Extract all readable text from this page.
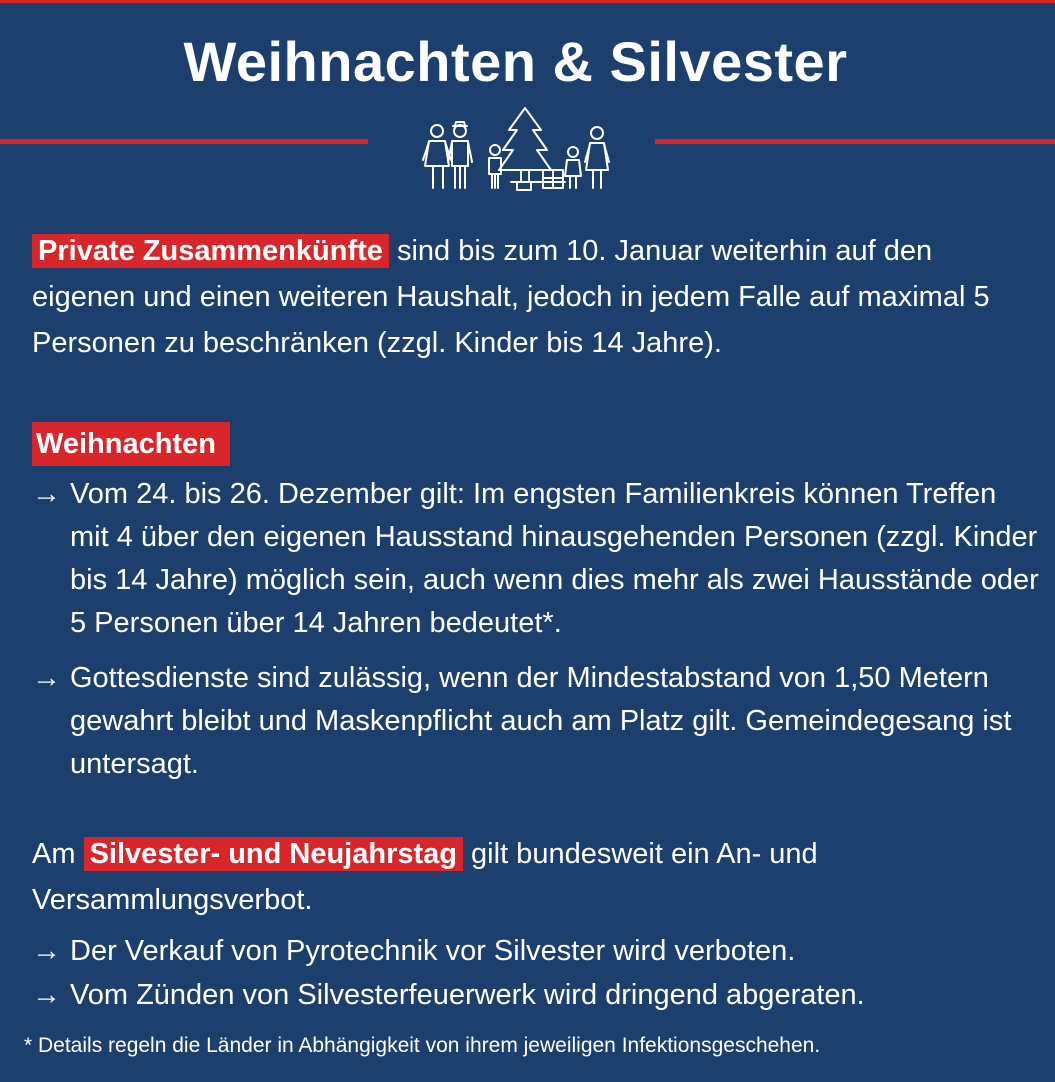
Weihnachten & Silvester

Private Zusammenkünfte sind bis zum 10. Januar weiterhin auf den eigenen und einen weiteren Haushalt, jedoch in jedem Falle auf maximal 5 Personen zu beschränken (zzgl. Kinder bis 14 Jahre).

Weihnachten

→ Vom 24. bis 26. Dezember gilt: Im engsten Familienkreis können Treffen mit 4 über den eigenen Hausstand hinausgehenden Personen (zzgl. Kinder bis 14 Jahre) möglich sein, auch wenn dies mehr als zwei Hausstände oder 5 Personen über 14 Jahren bedeutet*.

→ Gottesdienste sind zulässig, wenn der Mindestabstand von 1,50 Metern gewahrt bleibt und Maskenpflicht auch am Platz gilt. Gemeindegesang ist untersagt.

Am Silvester- und Neujahrstag gilt bundesweit ein An- und Versammlungsverbot.

→ Der Verkauf von Pyrotechnik vor Silvester wird verboten.

→ Vom Zünden von Silvesterfeuerwerk wird dringend abgeraten.

* Details regeln die Länder in Abhängigkeit von ihrem jeweiligen Infektionsgeschehen.
